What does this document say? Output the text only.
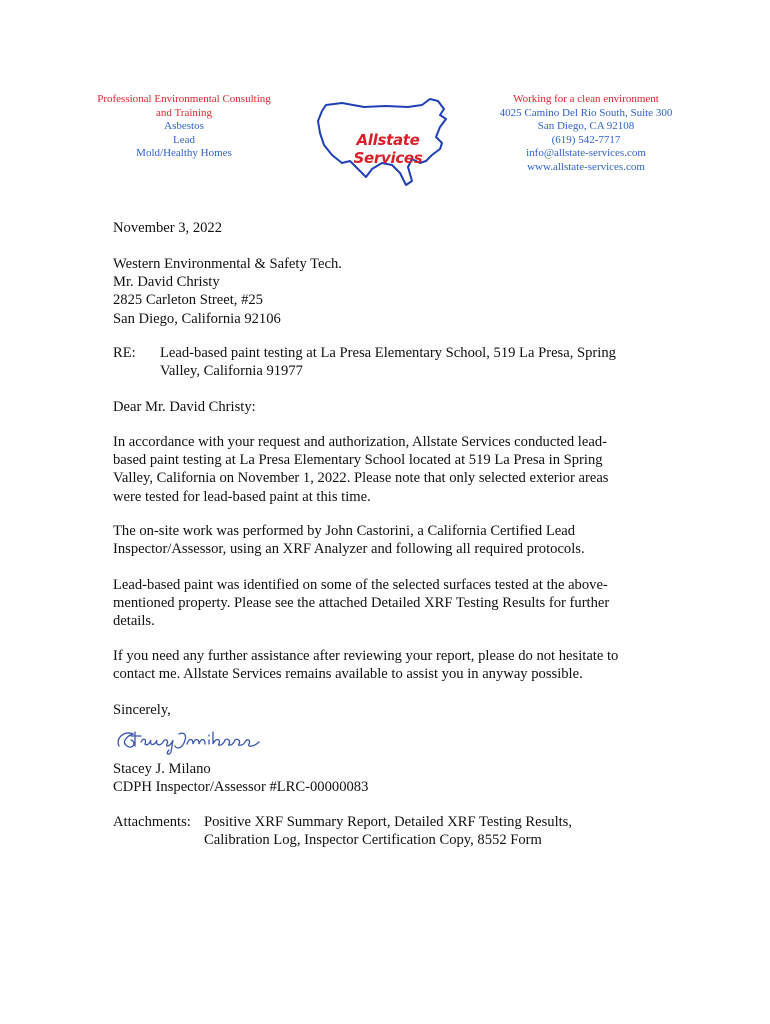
Professional Environmental Consulting
and Training
Asbestos
Lead
Mold/Healthy Homes
Allstate Services
Working for a clean environment
4025 Camino Del Rio South, Suite 300
San Diego, CA 92108
(619) 542-7717
info@allstate-services.com
www.allstate-services.com
November 3, 2022
Western Environmental & Safety Tech.
Mr. David Christy
2825 Carleton Street, #25
San Diego, California 92106
RE: Lead-based paint testing at La Presa Elementary School, 519 La Presa, Spring
Valley, California 91977
Dear Mr. David Christy:
In accordance with your request and authorization, Allstate Services conducted lead-
based paint testing at La Presa Elementary School located at 519 La Presa in Spring
Valley, California on November 1, 2022. Please note that only selected exterior areas
were tested for lead-based paint at this time.
The on-site work was performed by John Castorini, a California Certified Lead
Inspector/Assessor, using an XRF Analyzer and following all required protocols.
Lead-based paint was identified on some of the selected surfaces tested at the above-
mentioned property. Please see the attached Detailed XRF Testing Results for further
details.
If you need any further assistance after reviewing your report, please do not hesitate to
contact me. Allstate Services remains available to assist you in anyway possible.
Sincerely,
Stacey J. Milano
CDPH Inspector/Assessor #LRC-00000083
Attachments: Positive XRF Summary Report, Detailed XRF Testing Results,
Calibration Log, Inspector Certification Copy, 8552 Form
